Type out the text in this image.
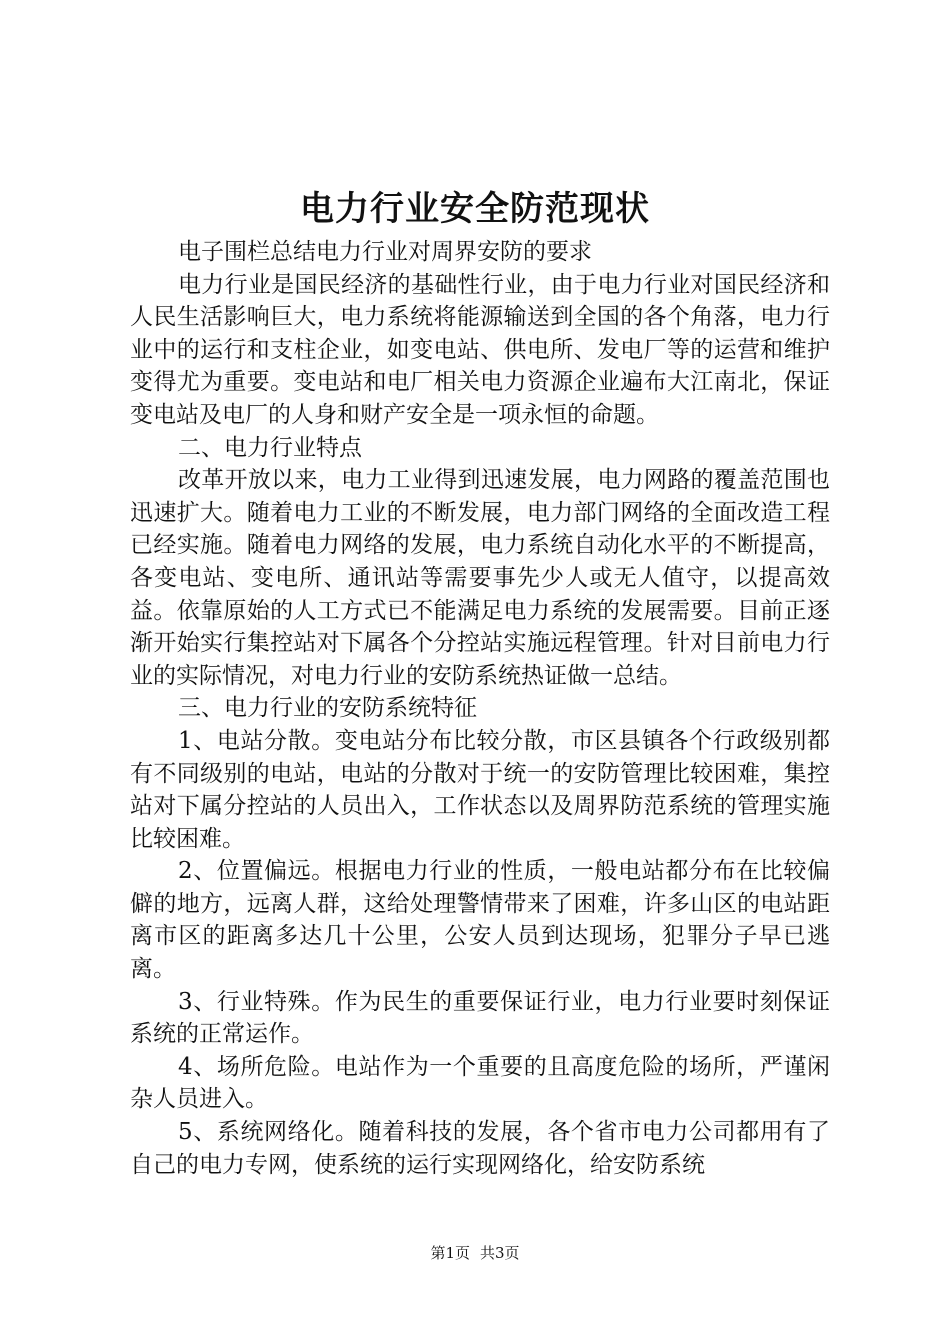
电力行业安全防范现状

电子围栏总结电力行业对周界安防的要求

电力行业是国民经济的基础性行业，由于电力行业对国民经济和人民生活影响巨大，电力系统将能源输送到全国的各个角落，电力行业中的运行和支柱企业，如变电站、供电所、发电厂等的运营和维护变得尤为重要。变电站和电厂相关电力资源企业遍布大江南北，保证变电站及电厂的人身和财产安全是一项永恒的命题。

二、电力行业特点

改革开放以来，电力工业得到迅速发展，电力网路的覆盖范围也迅速扩大。随着电力工业的不断发展，电力部门网络的全面改造工程已经实施。随着电力网络的发展，电力系统自动化水平的不断提高，各变电站、变电所、通讯站等需要事先少人或无人值守，以提高效益。依靠原始的人工方式已不能满足电力系统的发展需要。目前正逐渐开始实行集控站对下属各个分控站实施远程管理。针对目前电力行业的实际情况，对电力行业的安防系统热证做一总结。

三、电力行业的安防系统特征

1、电站分散。变电站分布比较分散，市区县镇各个行政级别都有不同级别的电站，电站的分散对于统一的安防管理比较困难，集控站对下属分控站的人员出入，工作状态以及周界防范系统的管理实施比较困难。

2、位置偏远。根据电力行业的性质，一般电站都分布在比较偏僻的地方，远离人群，这给处理警情带来了困难，许多山区的电站距离市区的距离多达几十公里，公安人员到达现场，犯罪分子早已逃离。

3、行业特殊。作为民生的重要保证行业，电力行业要时刻保证系统的正常运作。

4、场所危险。电站作为一个重要的且高度危险的场所，严谨闲杂人员进入。

5、系统网络化。随着科技的发展，各个省市电力公司都用有了自己的电力专网，使系统的运行实现网络化，给安防系统

第1页 共3页
